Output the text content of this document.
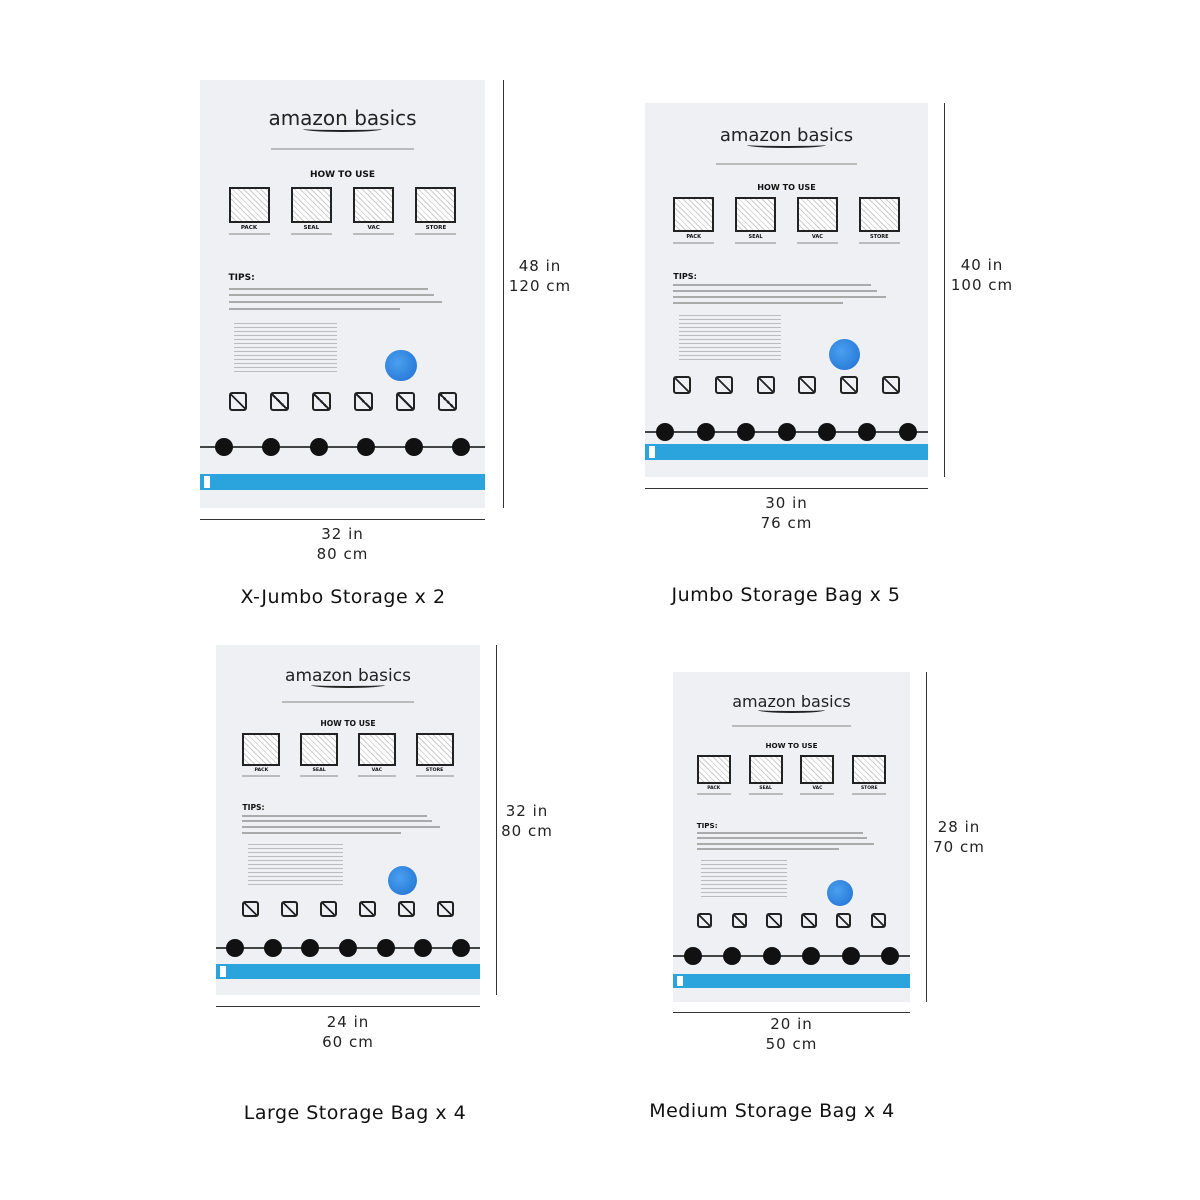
amazon basics
HOW TO USE
PACK	SEAL	VAC	STORE
TIPS:
48 in
120 cm
32 in
80 cm
X-Jumbo Storage x 2
amazon basics
HOW TO USE
PACK	SEAL	VAC	STORE
TIPS:
40 in
100 cm
30 in
76 cm
Jumbo Storage Bag x 5
amazon basics
HOW TO USE
PACK	SEAL	VAC	STORE
TIPS:	32 in
80 cm
24 in
60 cm
Large Storage Bag x 4
amazon basics
HOW TO USE
PACK	SEAL	VAC	STORE
TIPS:	28 in
70 cm
20 in
50 cm
Medium Storage Bag x 4
